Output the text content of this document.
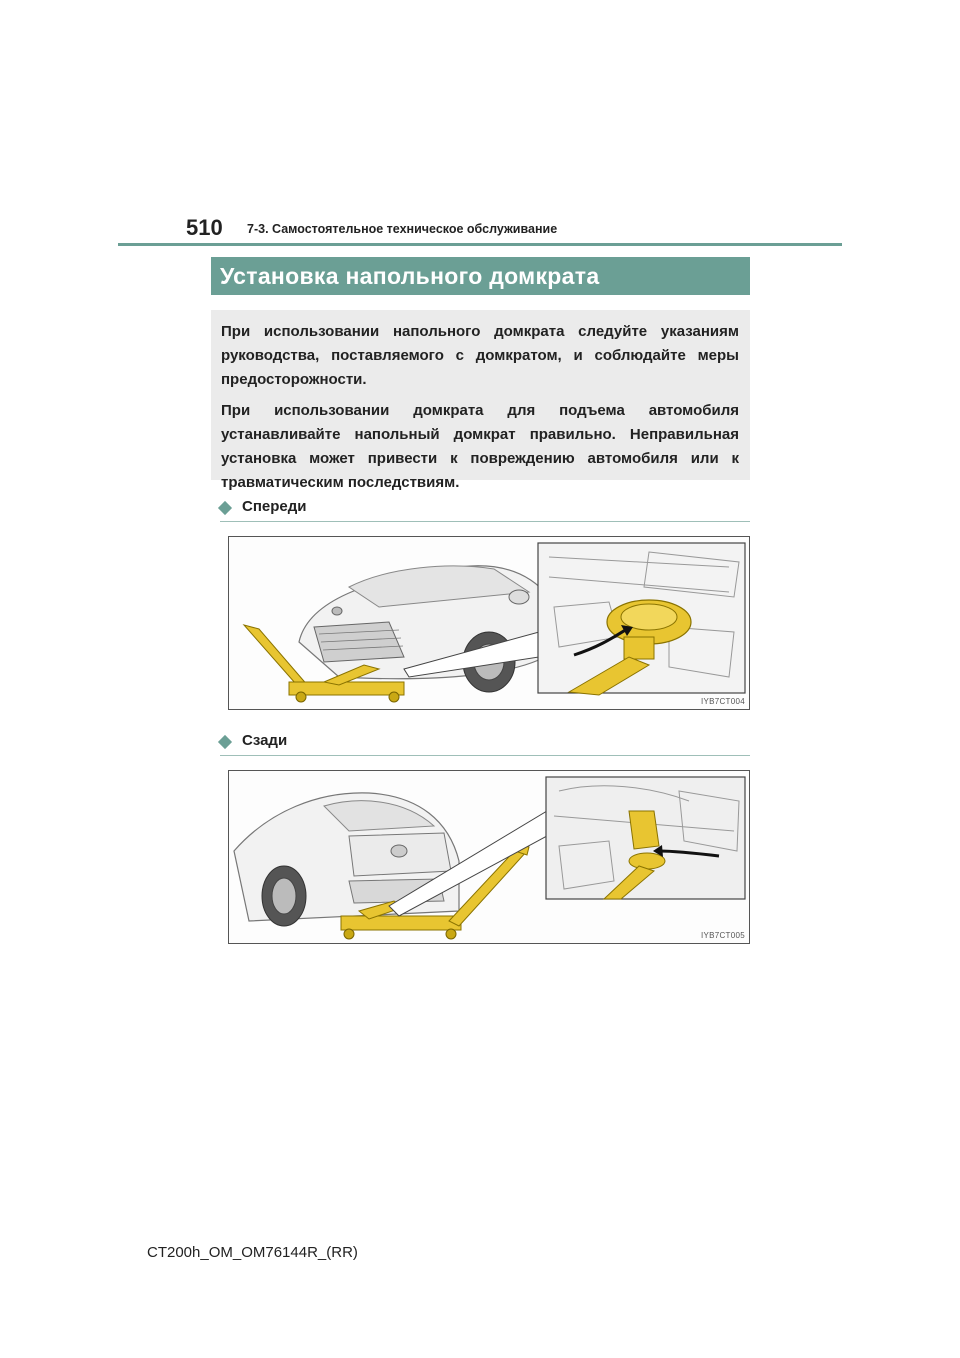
510 7-3. Самостоятельное техническое обслуживание
Установка напольного домкрата

При использовании напольного домкрата следуйте указаниям руководства, поставляемого с домкратом, и соблюдайте меры предосторожности.

При использовании домкрата для подъема автомобиля устанавливайте напольный домкрат правильно. Неправильная установка может привести к повреждению автомобиля или к травматическим последствиям.

Спереди
IYB7CT004
Сзади
IYB7CT005
CT200h_OM_OM76144R_(RR)
